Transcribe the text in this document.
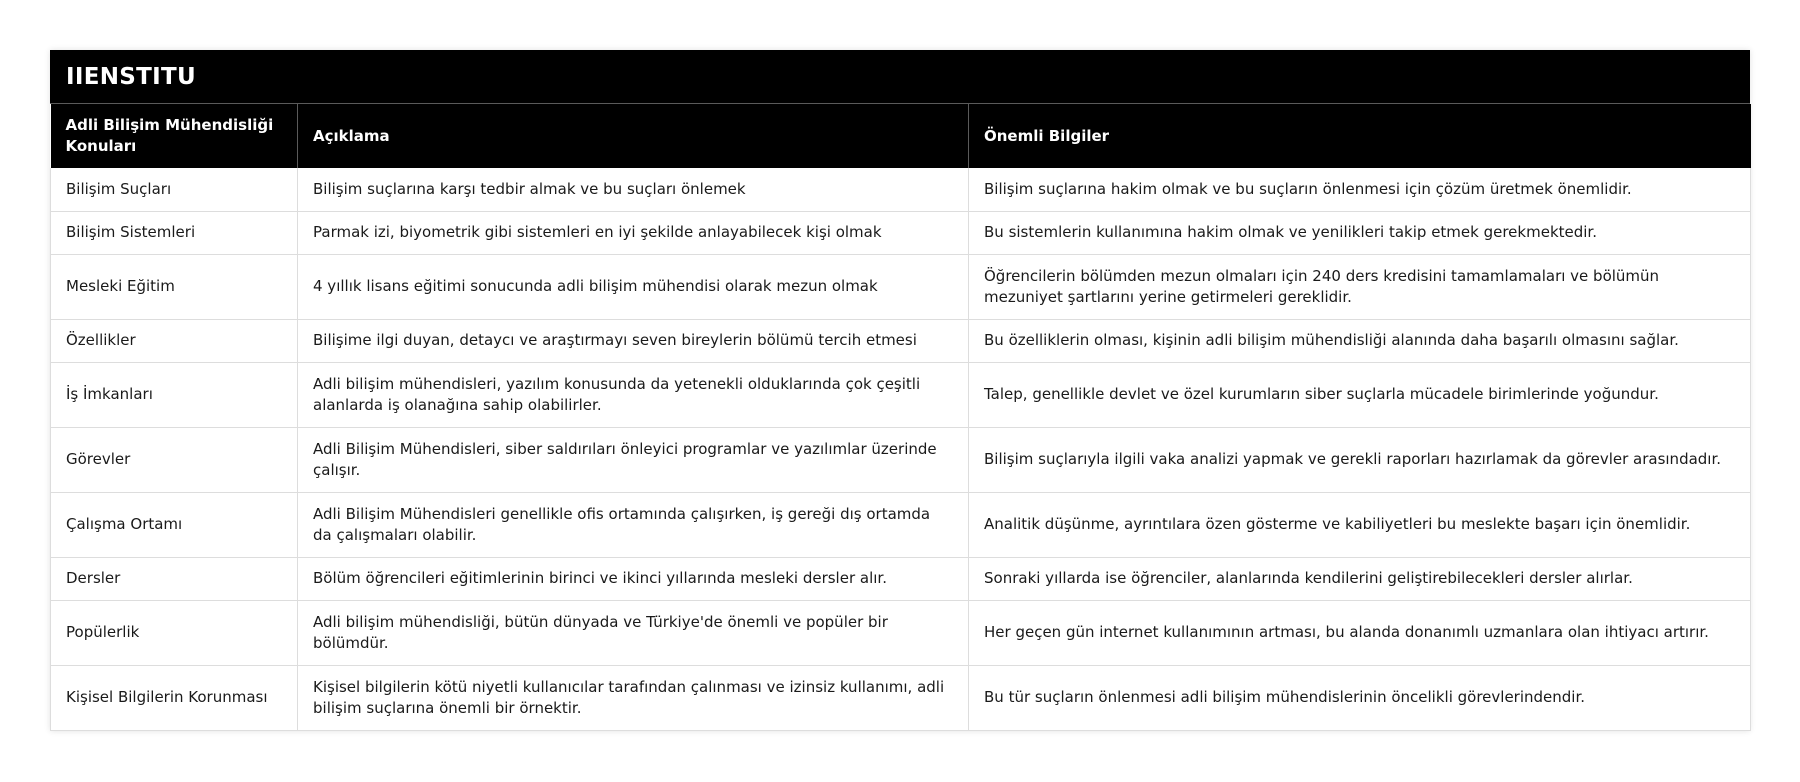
IIENSTITU
Adli Bilişim Mühendisliği Konuları	Açıklama	Önemli Bilgiler
Bilişim Suçları	Bilişim suçlarına karşı tedbir almak ve bu suçları önlemek	Bilişim suçlarına hakim olmak ve bu suçların önlenmesi için çözüm üretmek önemlidir.
Bilişim Sistemleri	Parmak izi, biyometrik gibi sistemleri en iyi şekilde anlayabilecek kişi olmak	Bu sistemlerin kullanımına hakim olmak ve yenilikleri takip etmek gerekmektedir.
Mesleki Eğitim	4 yıllık lisans eğitimi sonucunda adli bilişim mühendisi olarak mezun olmak	Öğrencilerin bölümden mezun olmaları için 240 ders kredisini tamamlamaları ve bölümün mezuniyet şartlarını yerine getirmeleri gereklidir.
Özellikler	Bilişime ilgi duyan, detaycı ve araştırmayı seven bireylerin bölümü tercih etmesi	Bu özelliklerin olması, kişinin adli bilişim mühendisliği alanında daha başarılı olmasını sağlar.
İş İmkanları	Adli bilişim mühendisleri, yazılım konusunda da yetenekli olduklarında çok çeşitli alanlarda iş olanağına sahip olabilirler.	Talep, genellikle devlet ve özel kurumların siber suçlarla mücadele birimlerinde yoğundur.
Görevler	Adli Bilişim Mühendisleri, siber saldırıları önleyici programlar ve yazılımlar üzerinde çalışır.	Bilişim suçlarıyla ilgili vaka analizi yapmak ve gerekli raporları hazırlamak da görevler arasındadır.
Çalışma Ortamı	Adli Bilişim Mühendisleri genellikle ofis ortamında çalışırken, iş gereği dış ortamda da çalışmaları olabilir.	Analitik düşünme, ayrıntılara özen gösterme ve kabiliyetleri bu meslekte başarı için önemlidir.
Dersler	Bölüm öğrencileri eğitimlerinin birinci ve ikinci yıllarında mesleki dersler alır.	Sonraki yıllarda ise öğrenciler, alanlarında kendilerini geliştirebilecekleri dersler alırlar.
Popülerlik	Adli bilişim mühendisliği, bütün dünyada ve Türkiye'de önemli ve popüler bir bölümdür.	Her geçen gün internet kullanımının artması, bu alanda donanımlı uzmanlara olan ihtiyacı artırır.
Kişisel Bilgilerin Korunması	Kişisel bilgilerin kötü niyetli kullanıcılar tarafından çalınması ve izinsiz kullanımı, adli bilişim suçlarına önemli bir örnektir.	Bu tür suçların önlenmesi adli bilişim mühendislerinin öncelikli görevlerindendir.
